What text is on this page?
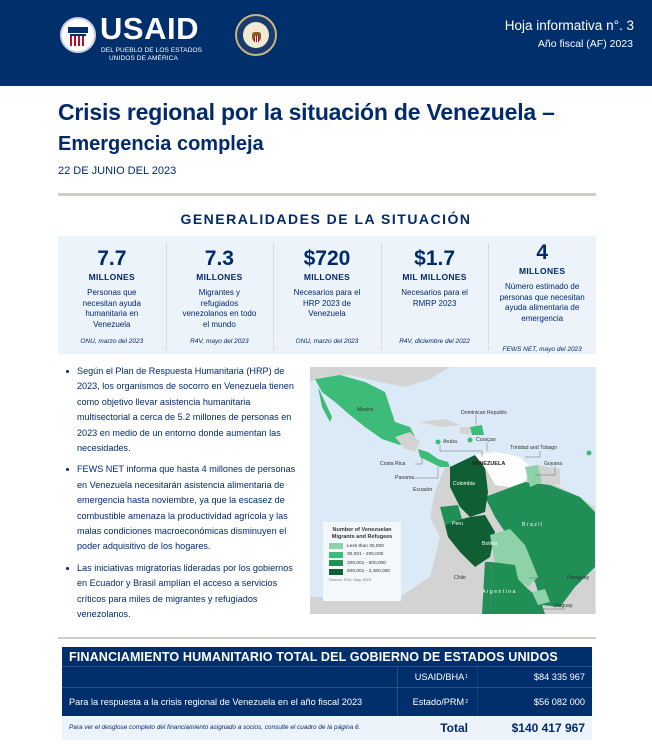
USAID
DEL PUEBLO DE LOS ESTADOS
UNIDOS DE AMÉRICA
Hoja informativa n°. 3
Año fiscal (AF) 2023
Crisis regional por la situación de Venezuela –
Emergencia compleja
22 DE JUNIO DEL 2023
GENERALIDADES DE LA SITUACIÓN
7.7
MILLONES
Personas que necesitan ayuda humanitaria en Venezuela
ONU, marzo del 2023
7.3
MILLONES
Migrantes y refugiados venezolanos en todo el mundo
R4V, mayo del 2023
$720
MILLONES
Necesarios para el HRP 2023 de Venezuela
ONU, marzo del 2023
$1.7
MIL MILLONES
Necesarios para el RMRP 2023
R4V, diciembre del 2022
4
MILLONES
Número estimado de personas que necesitan ayuda alimentaria de emergencia
FEWS NET, mayo del 2023
Según el Plan de Respuesta Humanitaria (HRP) de 2023, los organismos de socorro en Venezuela tienen como objetivo llevar asistencia humanitaria multisectorial a cerca de 5.2 millones de personas en 2023 en medio de un entorno donde aumentan las necesidades.
FEWS NET informa que hasta 4 millones de personas en Venezuela necesitarán asistencia alimentaria de emergencia hasta noviembre, ya que la escasez de combustible amenaza la productividad agrícola y las malas condiciones macroeconómicas disminuyen el poder adquisitivo de los hogares.
Las iniciativas migratorias lideradas por los gobiernos en Ecuador y Brasil amplían el acceso a servicios críticos para miles de migrantes y refugiados venezolanos.
Mexico	Dominican Republic
Aruba	Curaçao
Trinidad and Tobago
Costa Rica
Panama
VENEZUELA	Guyana
Colombia
Ecuador
Peru	B r a z i l
Bolivia
Chile	Paraguay
A r g e n t i n a
Uruguay
Number of Venezuelan
Migrants and Refugees
Less than 30,000
30,001 - 200,000
200,001 - 600,000
600,001 - 2,480,000
Source: R4V, May 2023
FINANCIAMIENTO HUMANITARIO TOTAL DEL GOBIERNO DE ESTADOS UNIDOS
USAID/BHA 1	$84 335 967
Para la respuesta a la crisis regional de Venezuela en el año fiscal 2023	Estado/PRM 2	$56 082 000
Para ver el desglose completo del financiamiento asignado a socios, consulte el cuadro de la página 6.	Total	$140 417 967
